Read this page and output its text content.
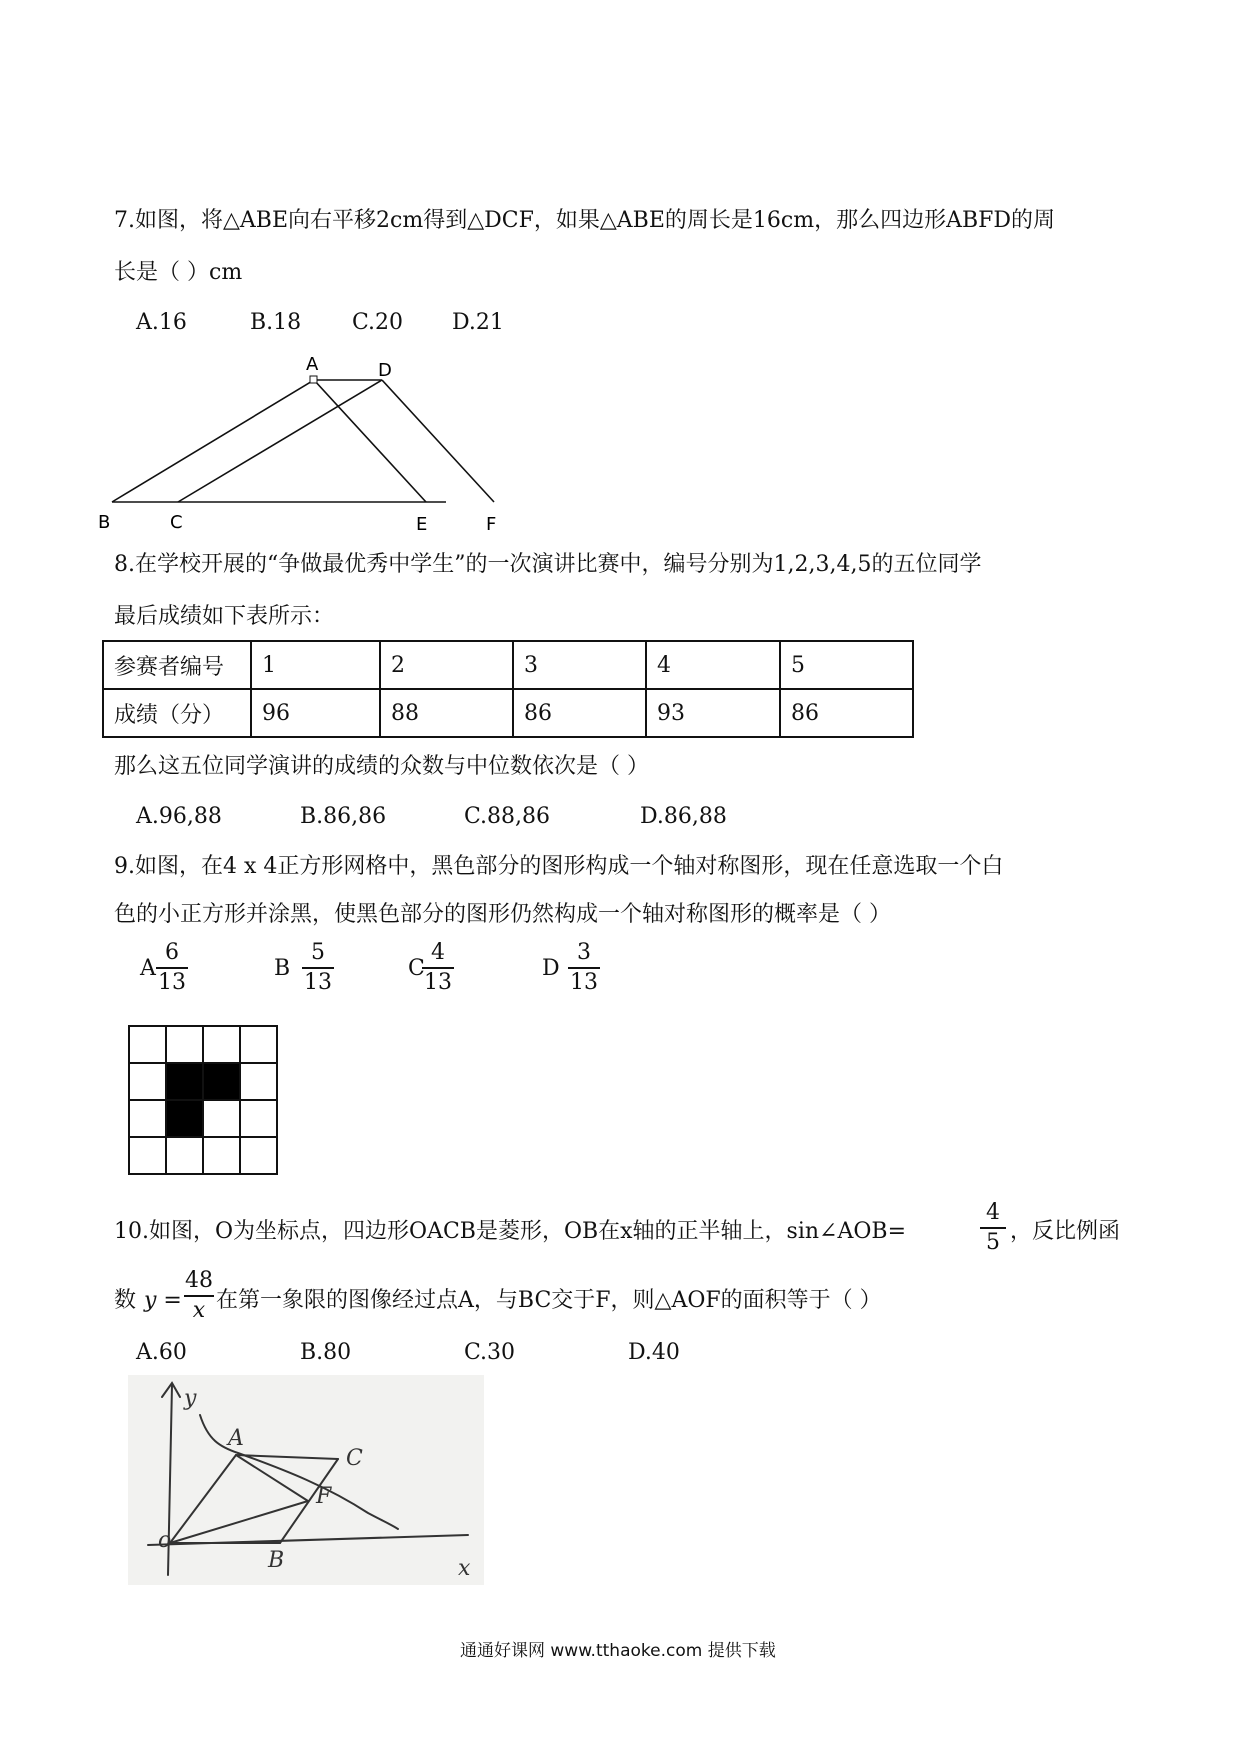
7.如图，将△ABE向右平移2cm得到△DCF，如果△ABE的周长是16cm，那么四边形ABFD的周
长是（ ）cm
A.16	B.18 C.20 D.21
A	D
B	C	E	F
8.在学校开展的“争做最优秀中学生”的一次演讲比赛中，编号分别为1,2,3,4,5的五位同学
最后成绩如下表所示：
参赛者编号	1	2	3	4	5
成绩（分）	96	88	86	93	86
那么这五位同学演讲的成绩的众数与中位数依次是（ ）
A.96,88	B.86,86	C.88,86	D.86,88
9.如图，在4 x 4正方形网格中，黑色部分的图形构成一个轴对称图形，现在任意选取一个白
色的小正方形并涂黑，使黑色部分的图形仍然构成一个轴对称图形的概率是（ ）
A
6
13
B
5
13
C
4
13
D
3
13
10.如图，O为坐标点，四边形OACB是菱形，OB在x轴的正半轴上，sin∠AOB=
4
5 ，反比例函
数 y =
48
x 在第一象限的图像经过点A，与BC交于F，则△AOF的面积等于（ ）
A.60	B.80	C.30	D.40
y
A
C
F
o
B	x
通通好课网 www.tthaoke.com 提供下载
